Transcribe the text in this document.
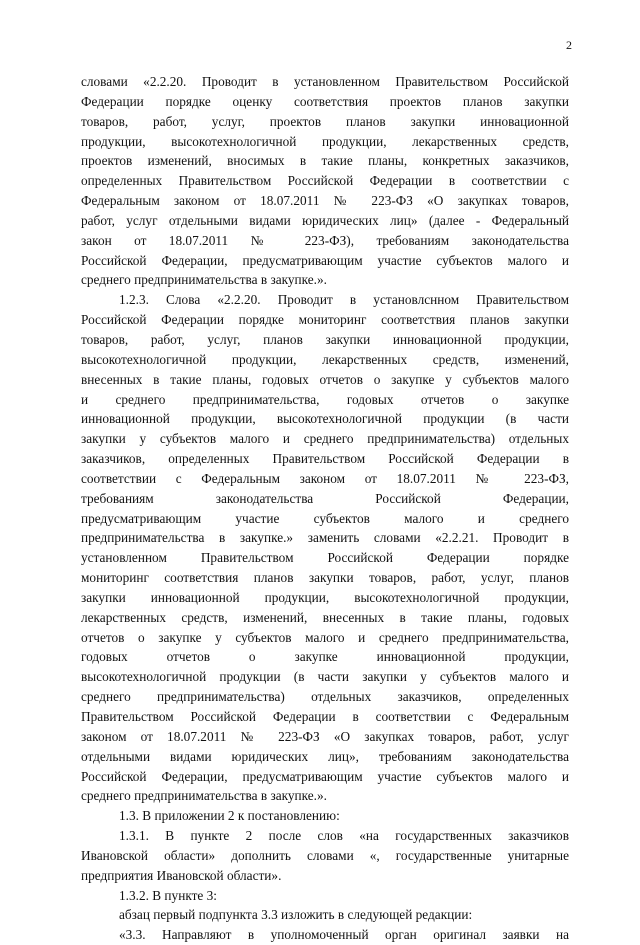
2
словами «2.2.20. Проводит в установленном Правительством Российской
Федерации порядке оценку соответствия проектов планов закупки
товаров, работ, услуг, проектов планов закупки инновационной
продукции, высокотехнологичной продукции, лекарственных средств,
проектов изменений, вносимых в такие планы, конкретных заказчиков,
определенных Правительством Российской Федерации в соответствии с
Федеральным законом от 18.07.2011 № 223-ФЗ «О закупках товаров,
работ, услуг отдельными видами юридических лиц» (далее - Федеральный
закон от 18.07.2011 № 223-ФЗ), требованиям законодательства
Российской Федерации, предусматривающим участие субъектов малого и
среднего предпринимательства в закупке.».
1.2.3. Слова «2.2.20. Проводит в установлснном Правительством
Российской Федерации порядке мониторинг соответствия планов закупки
товаров, работ, услуг, планов закупки инновационной продукции,
высокотехнологичной продукции, лекарственных средств, изменений,
внесенных в такие планы, годовых отчетов о закупке у субъектов малого
и среднего предпринимательства, годовых отчетов о закупке
инновационной продукции, высокотехнологичной продукции (в части
закупки у субъектов малого и среднего предпринимательства) отдельных
заказчиков, определенных Правительством Российской Федерации в
соответствии с Федеральным законом от 18.07.2011 № 223-ФЗ,
требованиям законодательства Российской Федерации,
предусматривающим участие субъектов малого и среднего
предпринимательства в закупке.» заменить словами «2.2.21. Проводит в
установленном Правительством Российской Федерации порядке
мониторинг соответствия планов закупки товаров, работ, услуг, планов
закупки инновационной продукции, высокотехнологичной продукции,
лекарственных средств, изменений, внесенных в такие планы, годовых
отчетов о закупке у субъектов малого и среднего предпринимательства,
годовых отчетов о закупке инновационной продукции,
высокотехнологичной продукции (в части закупки у субъектов малого и
среднего предпринимательства) отдельных заказчиков, определенных
Правительством Российской Федерации в соответствии с Федеральным
законом от 18.07.2011 № 223-ФЗ «О закупках товаров, работ, услуг
отдельными видами юридических лиц», требованиям законодательства
Российской Федерации, предусматривающим участие субъектов малого и
среднего предпринимательства в закупке.».
1.3. В приложении 2 к постановлению:
1.3.1. В пункте 2 после слов «на государственных заказчиков
Ивановской области» дополнить словами «, государственные унитарные
предприятия Ивановской области».
1.3.2. В пункте 3:
абзац первый подпункта 3.3 изложить в следующей редакции:
«3.3. Направляют в уполномоченный орган оригинал заявки на
